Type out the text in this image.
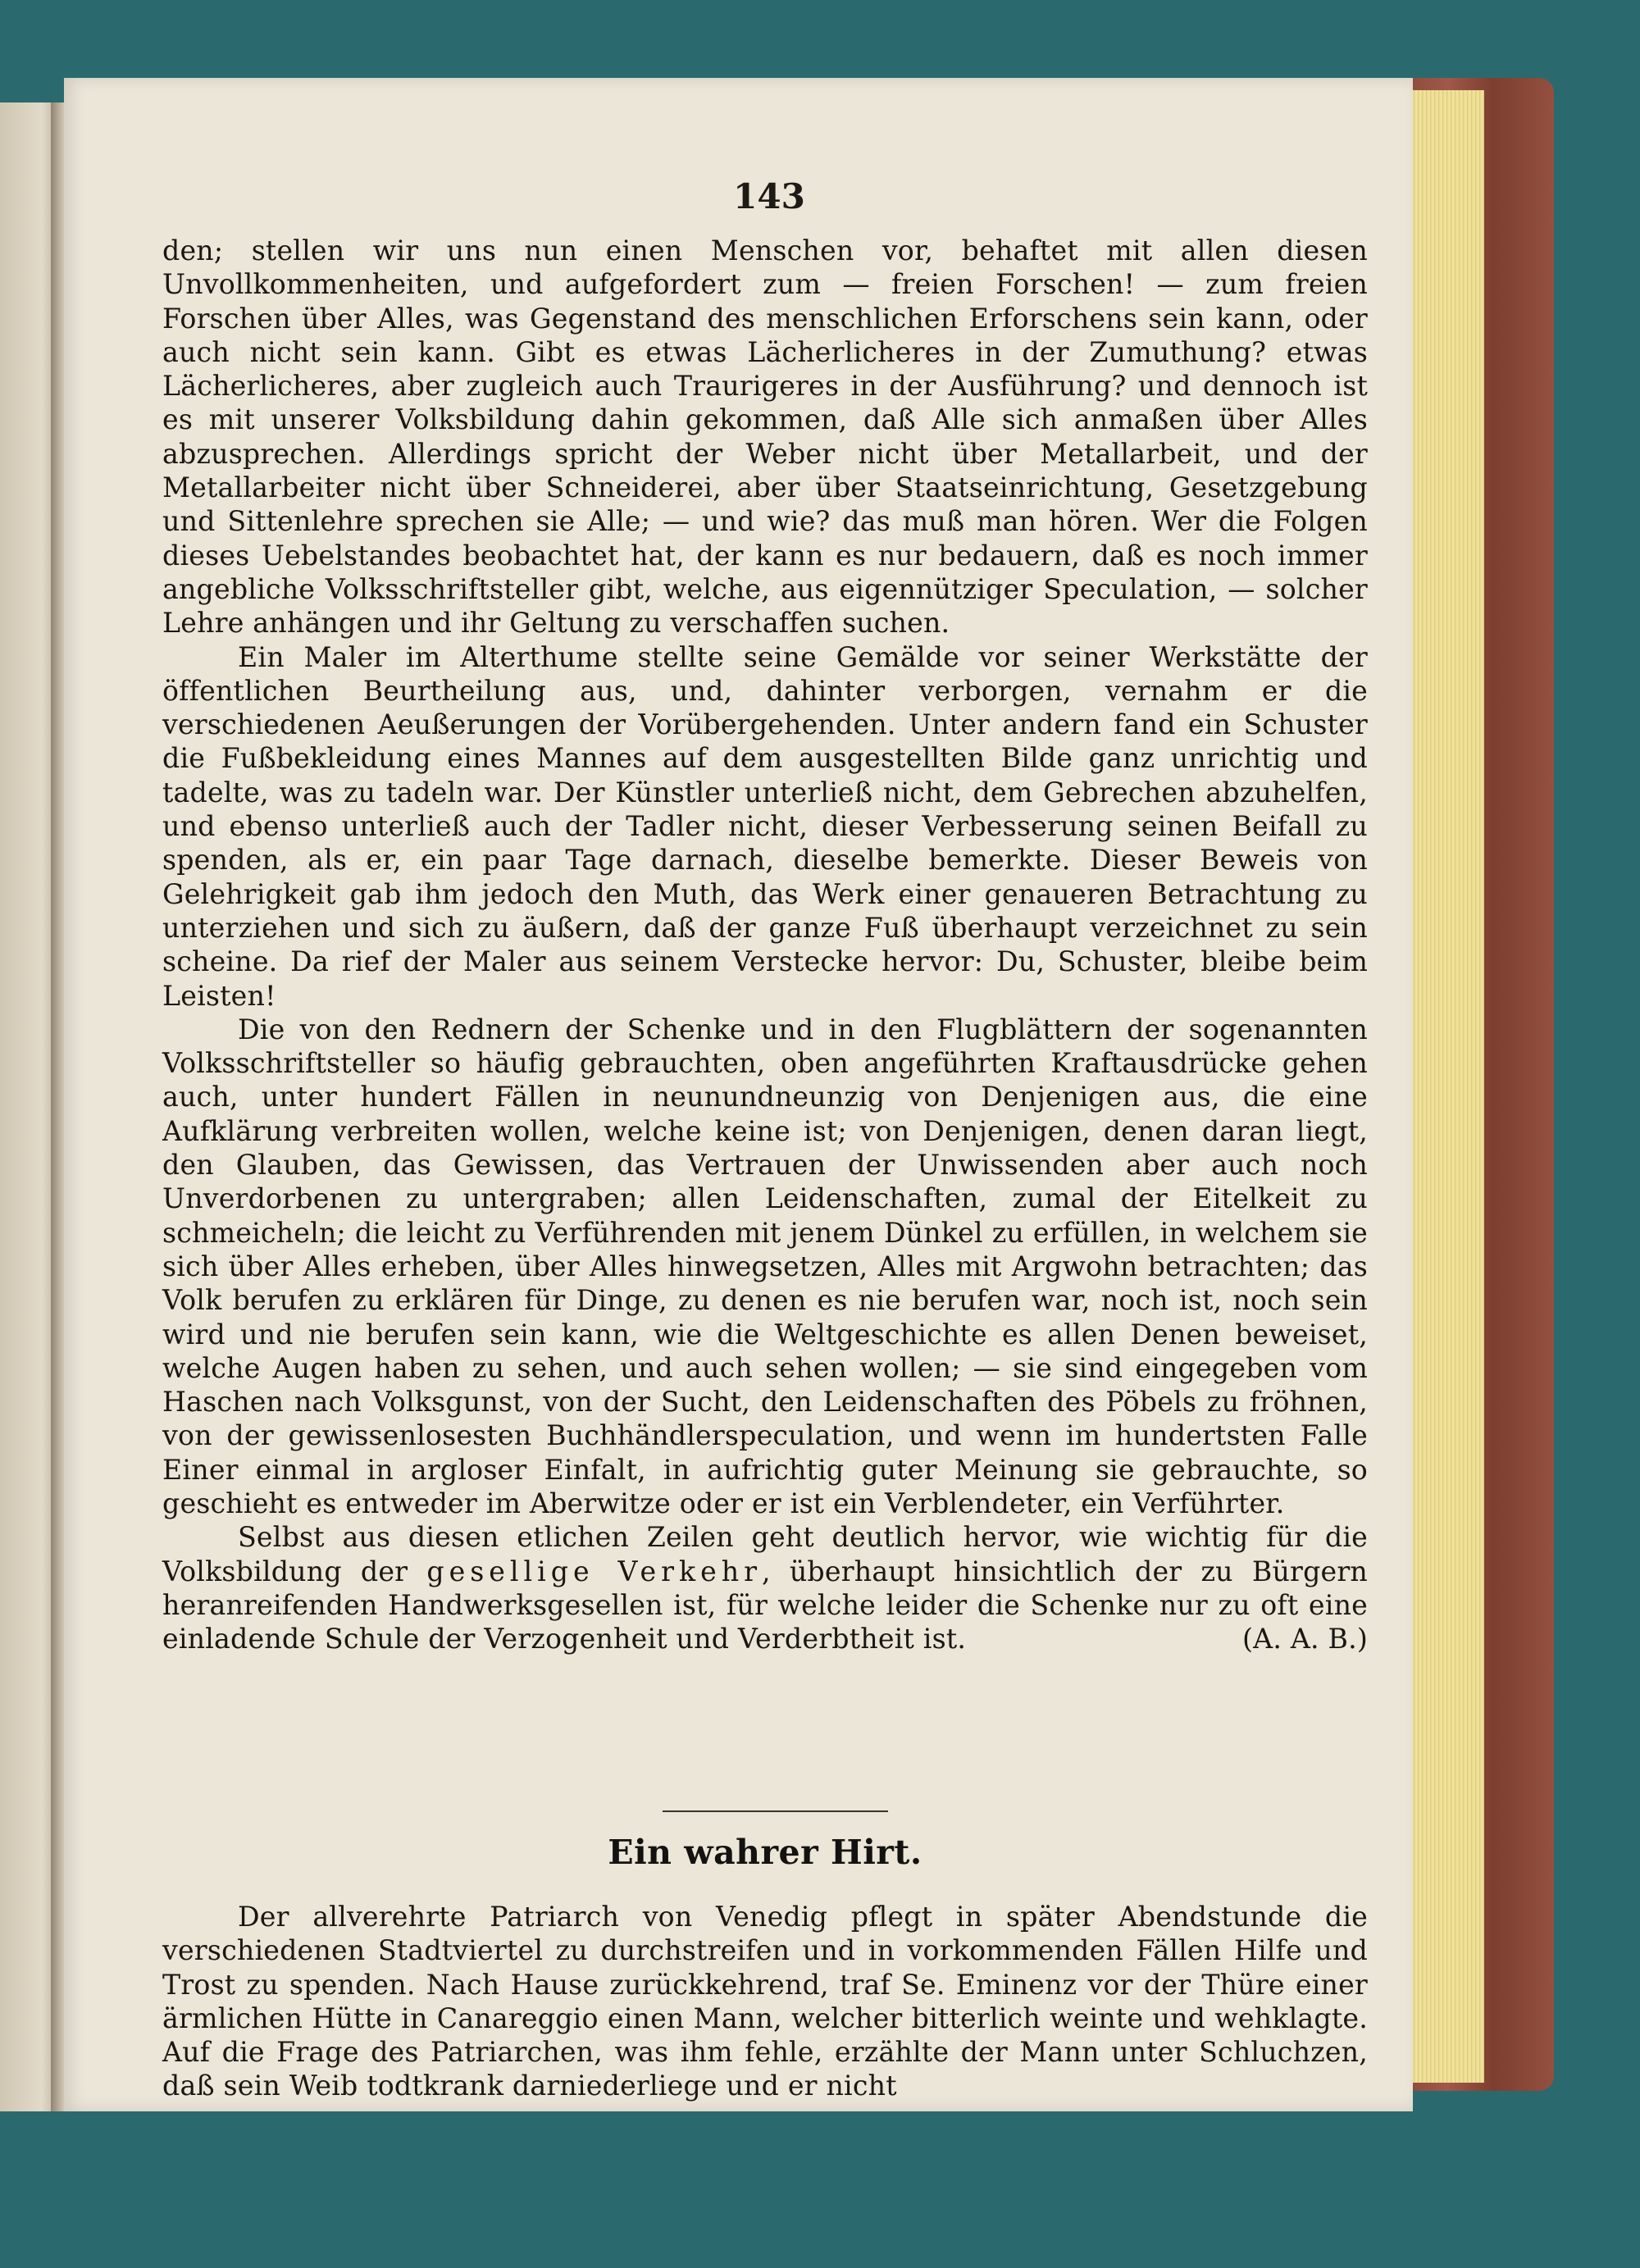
143

den; stellen wir uns nun einen Menschen vor, behaftet mit allen diesen Unvollkommenheiten, und aufgefordert zum — freien Forschen! — zum freien Forschen über Alles, was Gegenstand des menschlichen Erforschens sein kann, oder auch nicht sein kann. Gibt es etwas Lächerlicheres in der Zumuthung? etwas Lächerlicheres, aber zugleich auch Traurigeres in der Ausführung? und dennoch ist es mit unserer Volksbildung dahin gekommen, daß Alle sich anmaßen über Alles abzusprechen. Allerdings spricht der Weber nicht über Metallarbeit, und der Metallarbeiter nicht über Schneiderei, aber über Staatseinrichtung, Gesetzgebung und Sittenlehre sprechen sie Alle; — und wie? das muß man hören. Wer die Folgen dieses Uebelstandes beobachtet hat, der kann es nur bedauern, daß es noch immer angebliche Volksschriftsteller gibt, welche, aus eigennütziger Speculation, — solcher Lehre anhängen und ihr Geltung zu verschaffen suchen.

Ein Maler im Alterthume stellte seine Gemälde vor seiner Werkstätte der öffentlichen Beurtheilung aus, und, dahinter verborgen, vernahm er die verschiedenen Aeußerungen der Vorübergehenden. Unter andern fand ein Schuster die Fußbekleidung eines Mannes auf dem ausgestellten Bilde ganz unrichtig und tadelte, was zu tadeln war. Der Künstler unterließ nicht, dem Gebrechen abzuhelfen, und ebenso unterließ auch der Tadler nicht, dieser Verbesserung seinen Beifall zu spenden, als er, ein paar Tage darnach, dieselbe bemerkte. Dieser Beweis von Gelehrigkeit gab ihm jedoch den Muth, das Werk einer genaueren Betrachtung zu unterziehen und sich zu äußern, daß der ganze Fuß überhaupt verzeichnet zu sein scheine. Da rief der Maler aus seinem Verstecke hervor: Du, Schuster, bleibe beim Leisten!

Die von den Rednern der Schenke und in den Flugblättern der sogenannten Volksschriftsteller so häufig gebrauchten, oben angeführten Kraftausdrücke gehen auch, unter hundert Fällen in neunundneunzig von Denjenigen aus, die eine Aufklärung verbreiten wollen, welche keine ist; von Denjenigen, denen daran liegt, den Glauben, das Gewissen, das Vertrauen der Unwissenden aber auch noch Unverdorbenen zu untergraben; allen Leidenschaften, zumal der Eitelkeit zu schmeicheln; die leicht zu Verführenden mit jenem Dünkel zu erfüllen, in welchem sie sich über Alles erheben, über Alles hinwegsetzen, Alles mit Argwohn betrachten; das Volk berufen zu erklären für Dinge, zu denen es nie berufen war, noch ist, noch sein wird und nie berufen sein kann, wie die Weltgeschichte es allen Denen beweiset, welche Augen haben zu sehen, und auch sehen wollen; — sie sind eingegeben vom Haschen nach Volksgunst, von der Sucht, den Leidenschaften des Pöbels zu fröhnen, von der gewissenlosesten Buchhändlerspeculation, und wenn im hundertsten Falle Einer einmal in argloser Einfalt, in aufrichtig guter Meinung sie gebrauchte, so geschieht es entweder im Aberwitze oder er ist ein Verblendeter, ein Verführter.

Selbst aus diesen etlichen Zeilen geht deutlich hervor, wie wichtig für die Volksbildung der gesellige Verkehr, überhaupt hinsichtlich der zu Bürgern heranreifenden Handwerksgesellen ist, für welche leider die Schenke nur zu oft eine einladende Schule der Verzogenheit und Verderbtheit ist.	(A. A. B.)

Ein wahrer Hirt.

Der allverehrte Patriarch von Venedig pflegt in später Abendstunde die verschiedenen Stadtviertel zu durchstreifen und in vorkommenden Fällen Hilfe und Trost zu spenden. Nach Hause zurückkehrend, traf Se. Eminenz vor der Thüre einer ärmlichen Hütte in Canareggio einen Mann, welcher bitterlich weinte und wehklagte. Auf die Frage des Patriarchen, was ihm fehle, erzählte der Mann unter Schluchzen, daß sein Weib todtkrank darniederliege und er nicht
